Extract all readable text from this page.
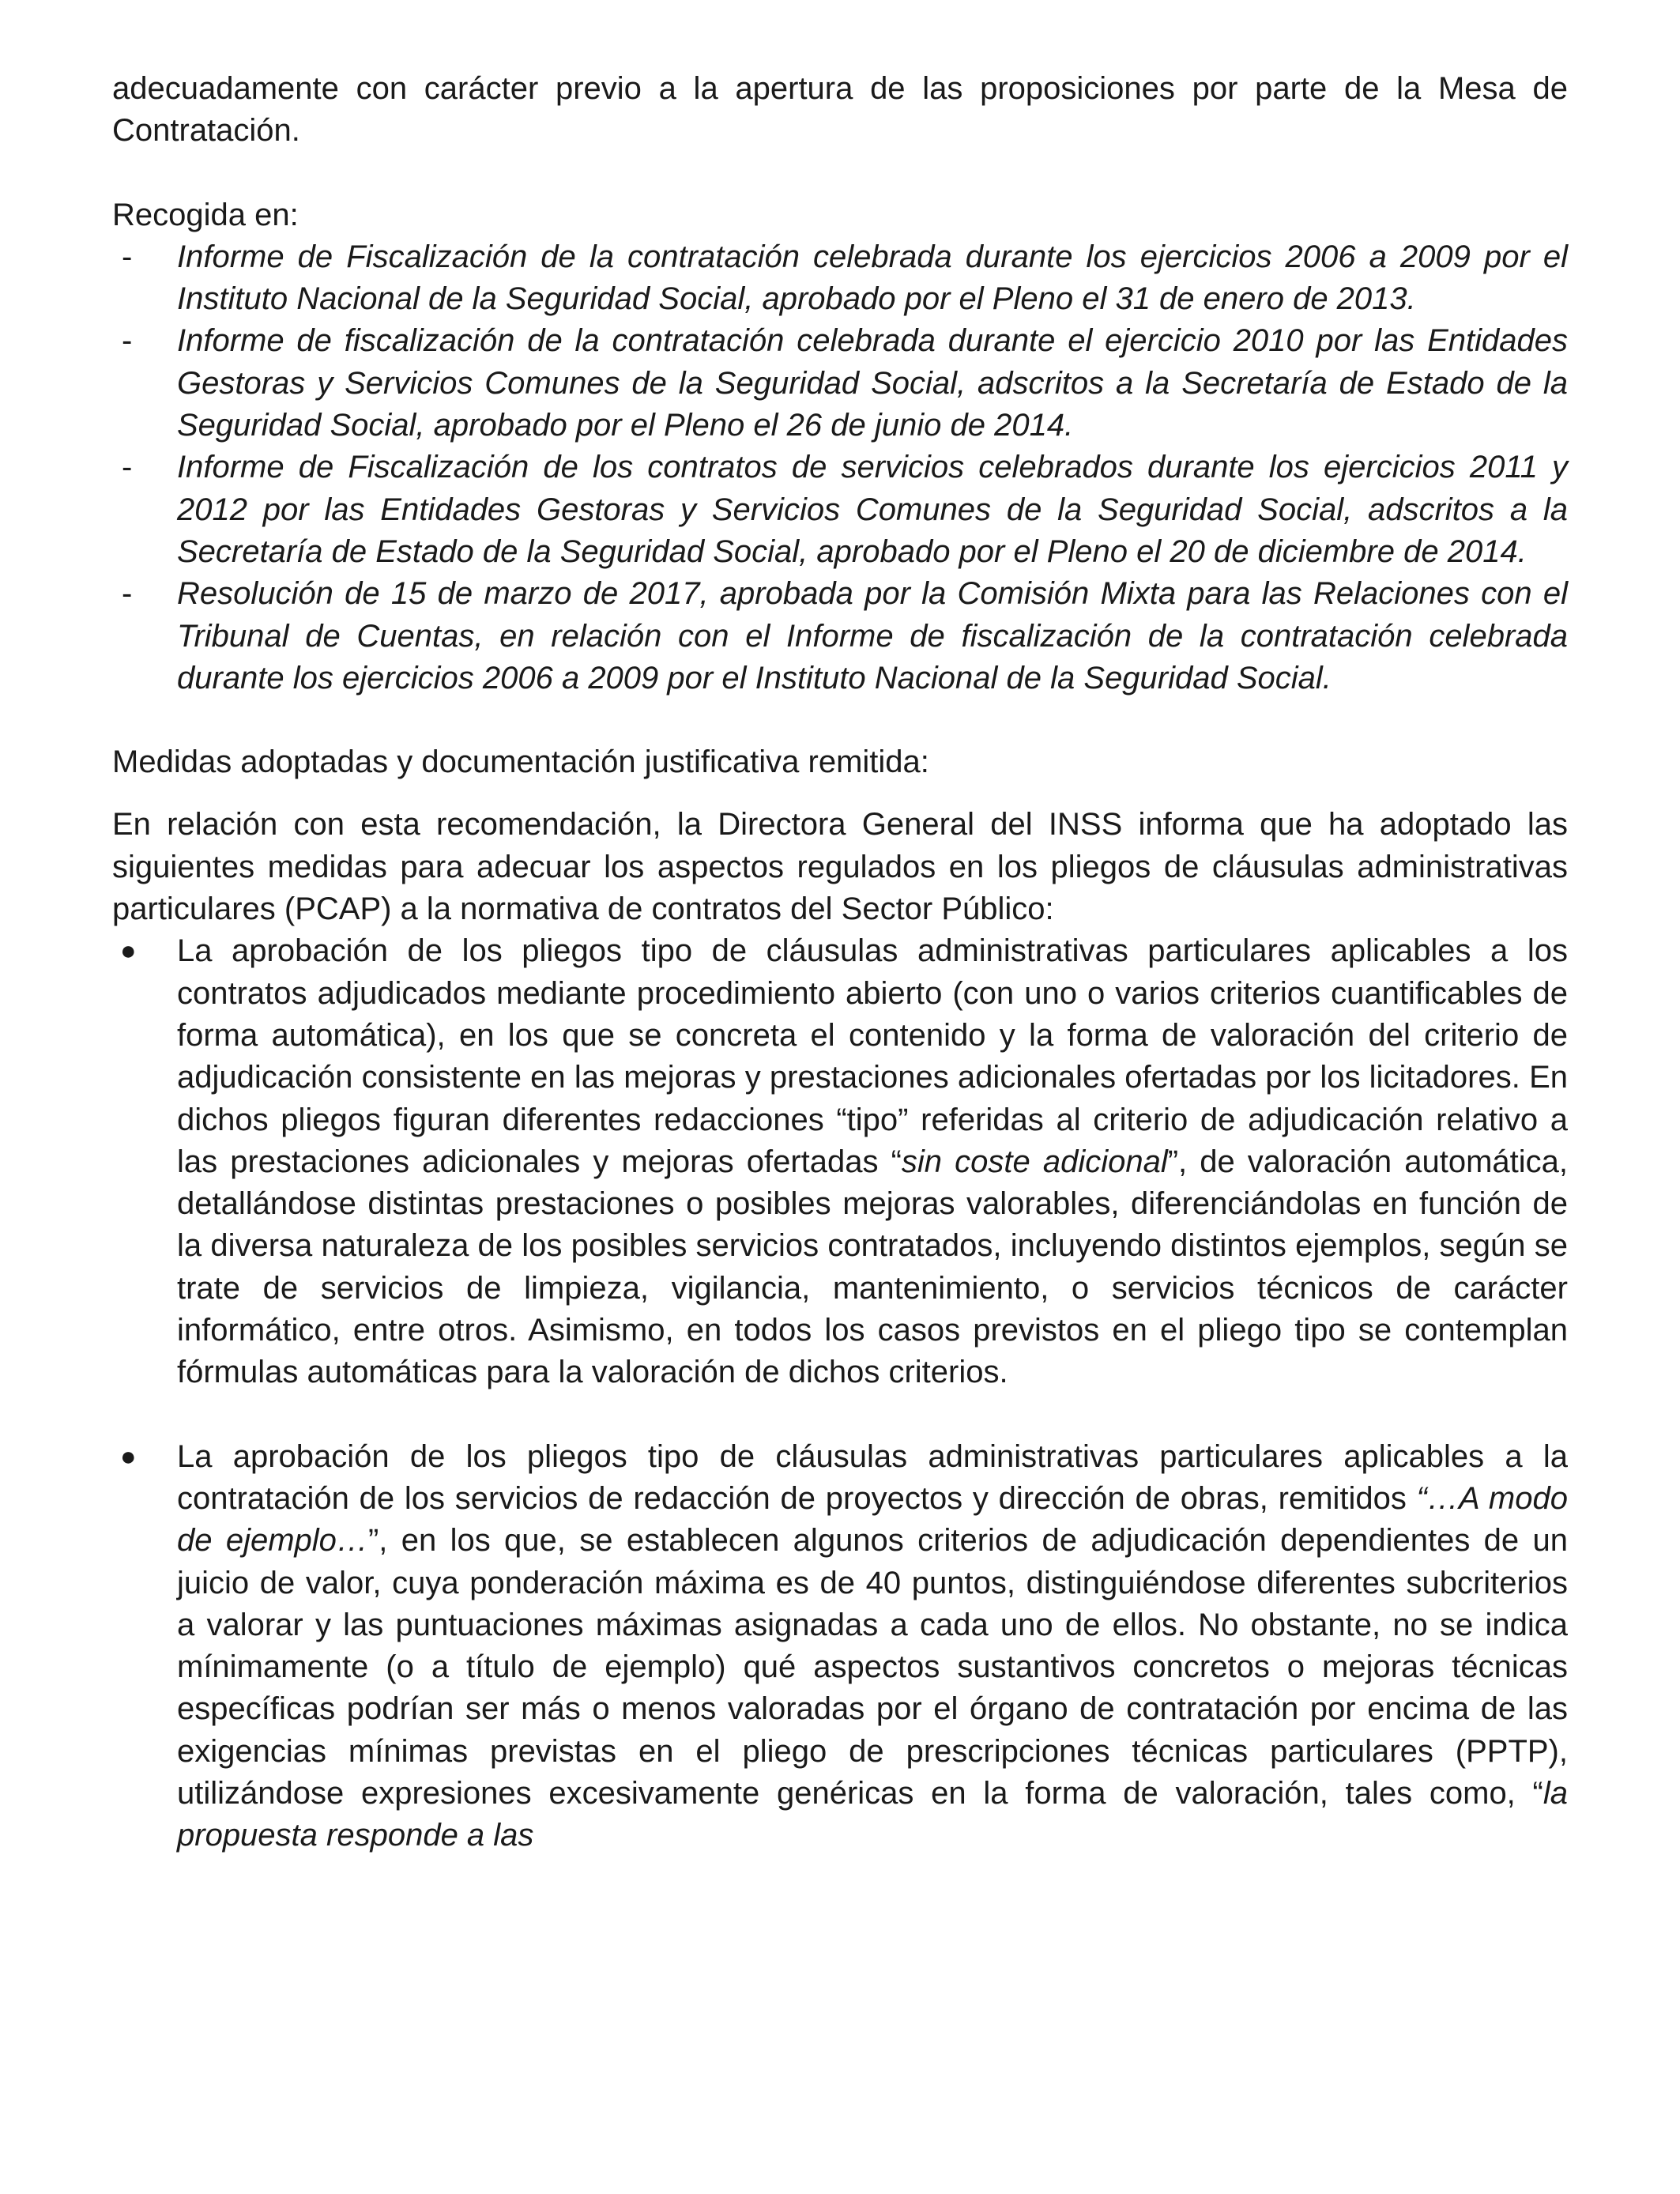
adecuadamente con carácter previo a la apertura de las proposiciones por parte de la Mesa de Contratación.

Recogida en:

- Informe de Fiscalización de la contratación celebrada durante los ejercicios 2006 a 2009 por el Instituto Nacional de la Seguridad Social, aprobado por el Pleno el 31 de enero de 2013.
- Informe de fiscalización de la contratación celebrada durante el ejercicio 2010 por las Entidades Gestoras y Servicios Comunes de la Seguridad Social, adscritos a la Secretaría de Estado de la Seguridad Social, aprobado por el Pleno el 26 de junio de 2014.
- Informe de Fiscalización de los contratos de servicios celebrados durante los ejercicios 2011 y 2012 por las Entidades Gestoras y Servicios Comunes de la Seguridad Social, adscritos a la Secretaría de Estado de la Seguridad Social, aprobado por el Pleno el 20 de diciembre de 2014.
- Resolución de 15 de marzo de 2017, aprobada por la Comisión Mixta para las Relaciones con el Tribunal de Cuentas, en relación con el Informe de fiscalización de la contratación celebrada durante los ejercicios 2006 a 2009 por el Instituto Nacional de la Seguridad Social.

Medidas adoptadas y documentación justificativa remitida:

En relación con esta recomendación, la Directora General del INSS informa que ha adoptado las siguientes medidas para adecuar los aspectos regulados en los pliegos de cláusulas administrativas particulares (PCAP) a la normativa de contratos del Sector Público:

● La aprobación de los pliegos tipo de cláusulas administrativas particulares aplicables a los contratos adjudicados mediante procedimiento abierto (con uno o varios criterios cuantificables de forma automática), en los que se concreta el contenido y la forma de valoración del criterio de adjudicación consistente en las mejoras y prestaciones adicionales ofertadas por los licitadores. En dichos pliegos figuran diferentes redacciones “tipo” referidas al criterio de adjudicación relativo a las prestaciones adicionales y mejoras ofertadas “sin coste adicional”, de valoración automática, detallándose distintas prestaciones o posibles mejoras valorables, diferenciándolas en función de la diversa naturaleza de los posibles servicios contratados, incluyendo distintos ejemplos, según se trate de servicios de limpieza, vigilancia, mantenimiento, o servicios técnicos de carácter informático, entre otros. Asimismo, en todos los casos previstos en el pliego tipo se contemplan fórmulas automáticas para la valoración de dichos criterios.
● La aprobación de los pliegos tipo de cláusulas administrativas particulares aplicables a la contratación de los servicios de redacción de proyectos y dirección de obras, remitidos “…A modo de ejemplo…”, en los que, se establecen algunos criterios de adjudicación dependientes de un juicio de valor, cuya ponderación máxima es de 40 puntos, distinguiéndose diferentes subcriterios a valorar y las puntuaciones máximas asignadas a cada uno de ellos. No obstante, no se indica mínimamente (o a título de ejemplo) qué aspectos sustantivos concretos o mejoras técnicas específicas podrían ser más o menos valoradas por el órgano de contratación por encima de las exigencias mínimas previstas en el pliego de prescripciones técnicas particulares (PPTP), utilizándose expresiones excesivamente genéricas en la forma de valoración, tales como, “la propuesta responde a las
